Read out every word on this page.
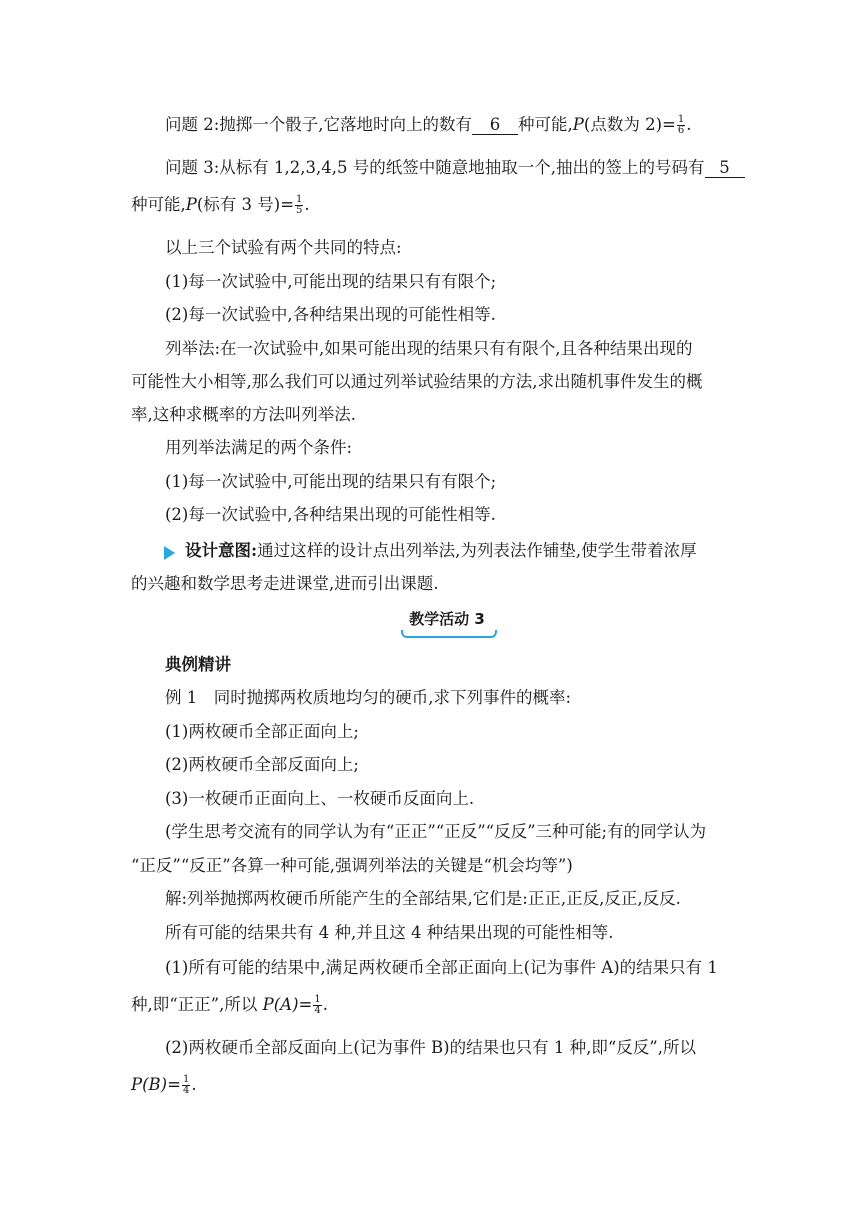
问题 2:抛掷一个骰子,它落地时向上的数有 6 种可能,P(点数为 $2)= \frac{1}{6}$ .
问题 3:从标有 1,2,3,4,5 号的纸签中随意地抽取一个,抽出的签上的号码有 5
种可能,P(标有 3 号)= $\frac{1}{5}$ .
以上三个试验有两个共同的特点:
(1)每一次试验中,可能出现的结果只有有限个;
(2)每一次试验中,各种结果出现的可能性相等.
列举法:在一次试验中,如果可能出现的结果只有有限个,且各种结果出现的
可能性大小相等,那么我们可以通过列举试验结果的方法,求出随机事件发生的概
率,这种求概率的方法叫列举法.
用列举法满足的两个条件:
(1)每一次试验中,可能出现的结果只有有限个;
(2)每一次试验中,各种结果出现的可能性相等.
设计意图:通过这样的设计点出列举法,为列表法作铺垫,使学生带着浓厚
的兴趣和数学思考走进课堂,进而引出课题.
教学活动 3
典例精讲
例 1　同时抛掷两枚质地均匀的硬币,求下列事件的概率:
(1)两枚硬币全部正面向上;
(2)两枚硬币全部反面向上;
(3)一枚硬币正面向上、一枚硬币反面向上.
(学生思考交流有的同学认为有“正正”“正反”“反反”三种可能;有的同学认为
“正反”“反正”各算一种可能,强调列举法的关键是“机会均等”)
解:列举抛掷两枚硬币所能产生的全部结果,它们是:正正,正反,反正,反反.
所有可能的结果共有 4 种,并且这 4 种结果出现的可能性相等.
(1)所有可能的结果中,满足两枚硬币全部正面向上(记为事件 A)的结果只有 1
种,即“正正”,所以 $P(A)= \frac{1}{4}$ .
(2)两枚硬币全部反面向上(记为事件 B)的结果也只有 1 种,即“反反”,所以
$P(B)= \frac{1}{4}$ .
